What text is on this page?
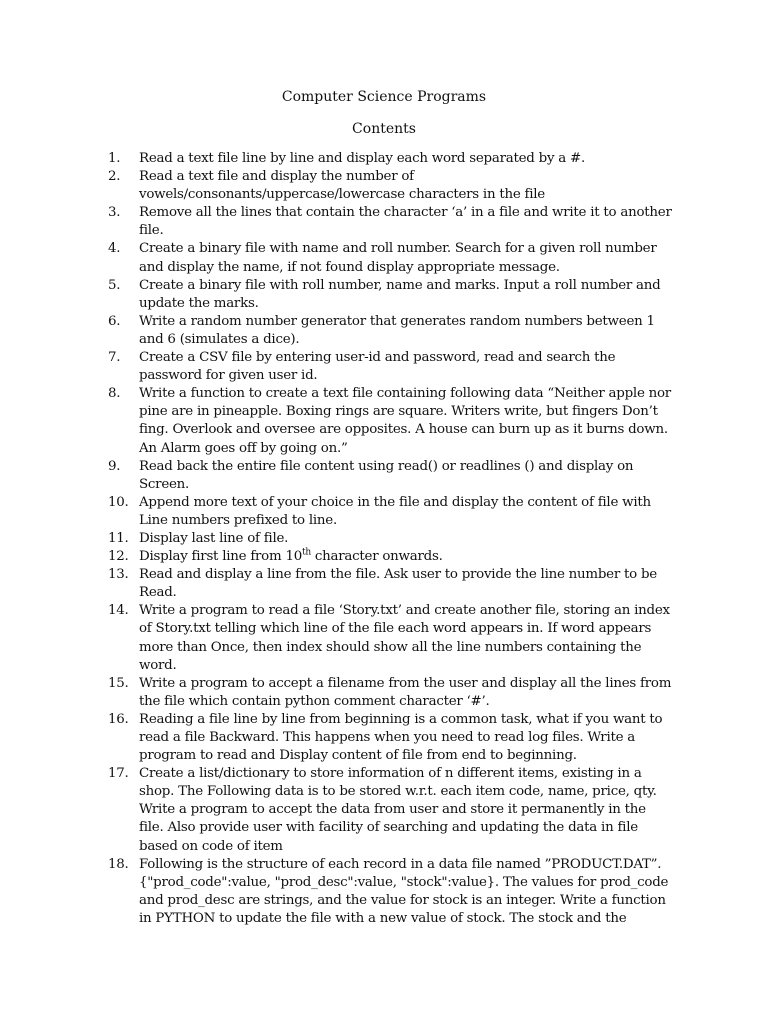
Computer Science Programs
Contents
1.	Read a text file line by line and display each word separated by a #.
2.	Read a text file and display the number of vowels/consonants/uppercase/lowercase characters in the file
3.	Remove all the lines that contain the character ‘a’ in a file and write it to another file.
4.	Create a binary file with name and roll number. Search for a given roll number and display the name, if not found display appropriate message.
5.	Create a binary file with roll number, name and marks. Input a roll number and update the marks.
6.	Write a random number generator that generates random numbers between 1 and 6 (simulates a dice).
7.	Create a CSV file by entering user-id and password, read and search the password for given user id.
8.	Write a function to create a text file containing following data “Neither apple nor pine are in pineapple. Boxing rings are square. Writers write, but fingers Don’t fing. Overlook and oversee are opposites. A house can burn up as it burns down. An Alarm goes off by going on.”
9.	Read back the entire file content using read() or readlines () and display on Screen.
10. Append more text of your choice in the file and display the content of file with Line numbers prefixed to line.
11. Display last line of file.
12. Display first line from 10th character onwards.
13. Read and display a line from the file. Ask user to provide the line number to be Read.
14. Write a program to read a file ‘Story.txt’ and create another file, storing an index of Story.txt telling which line of the file each word appears in. If word appears more than Once, then index should show all the line numbers containing the word.
15. Write a program to accept a filename from the user and display all the lines from the file which contain python comment character ‘#’.
16. Reading a file line by line from beginning is a common task, what if you want to read a file Backward. This happens when you need to read log files. Write a program to read and Display content of file from end to beginning.
17. Create a list/dictionary to store information of n different items, existing in a shop. The Following data is to be stored w.r.t. each item code, name, price, qty. Write a program to accept the data from user and store it permanently in the file. Also provide user with facility of searching and updating the data in file based on code of item
18. Following is the structure of each record in a data file named ”PRODUCT.DAT”. {"prod_code":value, "prod_desc":value, "stock":value}. The values for prod_code and prod_desc are strings, and the value for stock is an integer. Write a function in PYTHON to update the file with a new value of stock. The stock and the
